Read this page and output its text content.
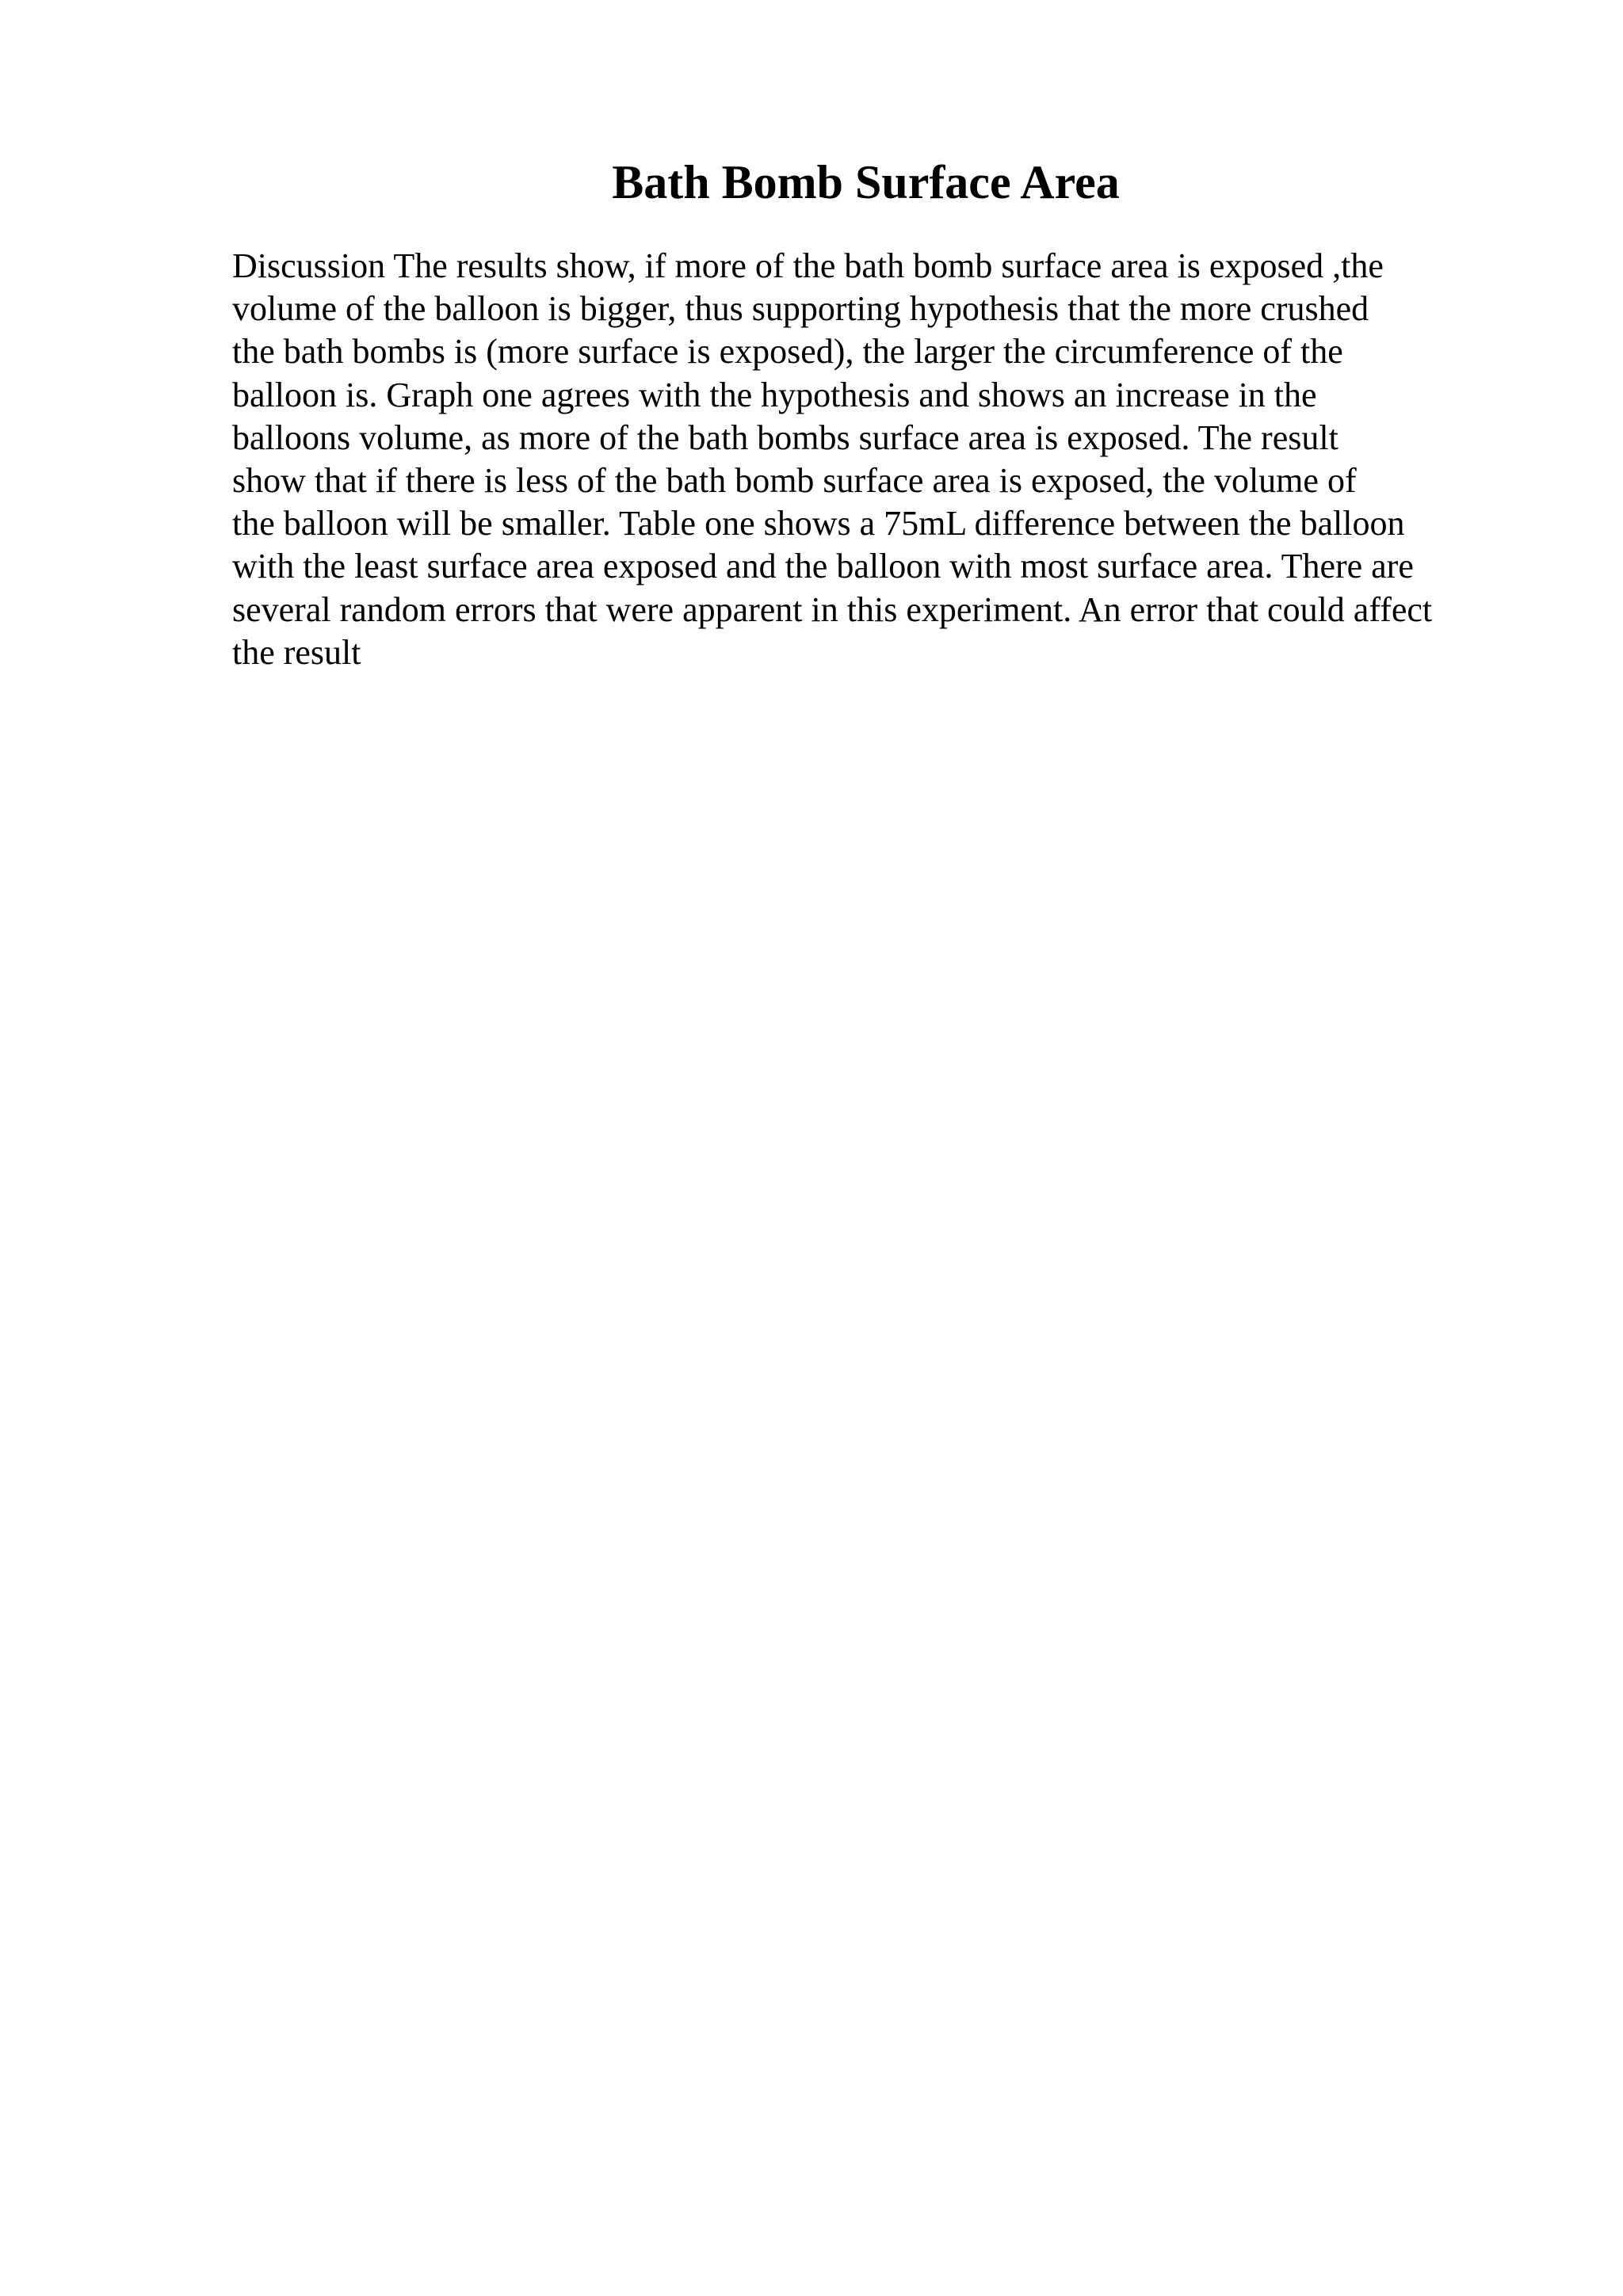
Bath Bomb Surface Area
Discussion The results show, if more of the bath bomb surface area is exposed ,the
volume of the balloon is bigger, thus supporting hypothesis that the more crushed
the bath bombs is (more surface is exposed), the larger the circumference of the
balloon is. Graph one agrees with the hypothesis and shows an increase in the
balloons volume, as more of the bath bombs surface area is exposed. The result
show that if there is less of the bath bomb surface area is exposed, the volume of
the balloon will be smaller. Table one shows a 75mL difference between the balloon
with the least surface area exposed and the balloon with most surface area. There are
several random errors that were apparent in this experiment. An error that could affect
the result
